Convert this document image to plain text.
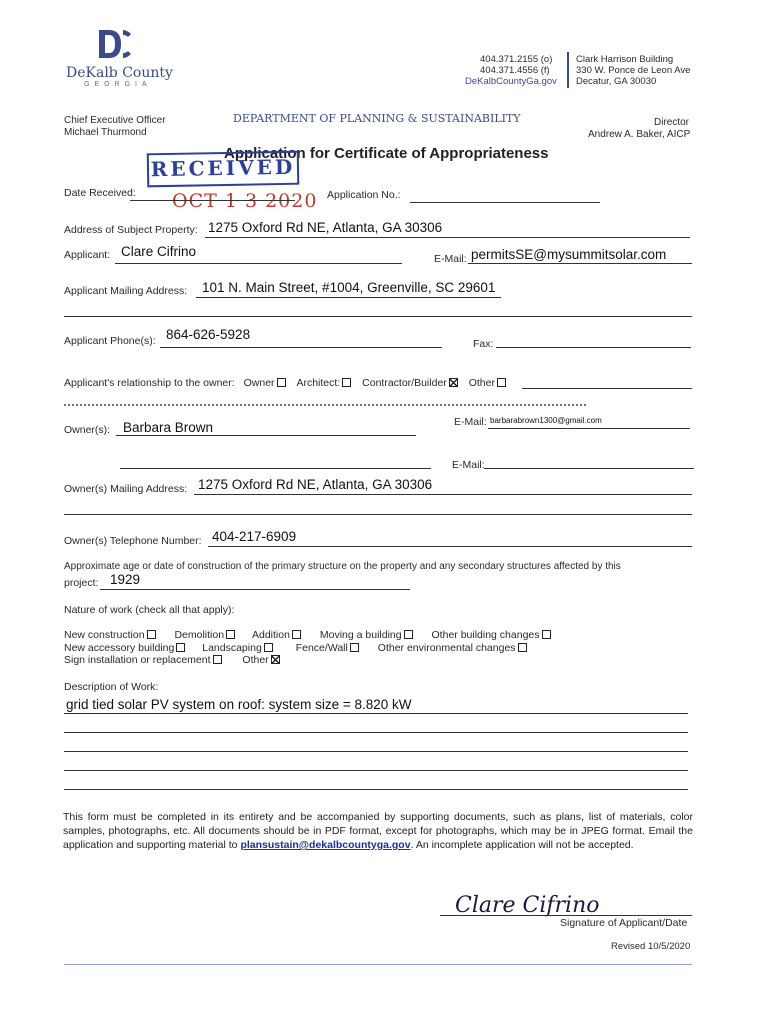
DeKalb County
GEORGIA
404.371.2155 (o)
404.371.4556 (f)
DeKalbCountyGa.gov
Clark Harrison Building
330 W. Ponce de Leon Ave
Decatur, GA 30030
Chief Executive Officer
Michael Thurmond
DEPARTMENT OF PLANNING & SUSTAINABILITY	Director
Andrew A. Baker, AICP
Application for Certificate of Appropriateness
RECEIVED
OCT 1 3 2020
Date Received:	Application No.:
Address of Subject Property: 1275 Oxford Rd NE, Atlanta, GA 30306
Applicant: Clare Cifrino	E-Mail: permitsSE@mysummitsolar.com
Applicant Mailing Address: 101 N. Main Street, #1004, Greenville, SC 29601
Applicant Phone(s): 864-626-5928
Fax:
Applicant's relationship to the owner: Owner Architect: Contractor/Builder Other
Owner(s): Barbara Brown	E-Mail: barbarabrown1300@gmail.com
E-Mail:
Owner(s) Mailing Address: 1275 Oxford Rd NE, Atlanta, GA 30306
Owner(s) Telephone Number: 404-217-6909
Approximate age or date of construction of the primary structure on the property and any secondary structures affected by this
project: 1929
Nature of work (check all that apply):
New construction	Demolition	Addition	Moving a building	Other building changes
New accessory building	Landscaping	Fence/Wall	Other environmental changes
Sign installation or replacement	Other
Description of Work:
grid tied solar PV system on roof: system size = 8.820 kW
This form must be completed in its entirety and be accompanied by supporting documents, such as plans, list of materials, color samples, photographs, etc. All documents should be in PDF format, except for photographs, which may be in JPEG format. Email the application and supporting material to plansustain@dekalbcountyga.gov. An incomplete application will not be accepted.
Clare Cifrino
Signature of Applicant/Date
Revised 10/5/2020
